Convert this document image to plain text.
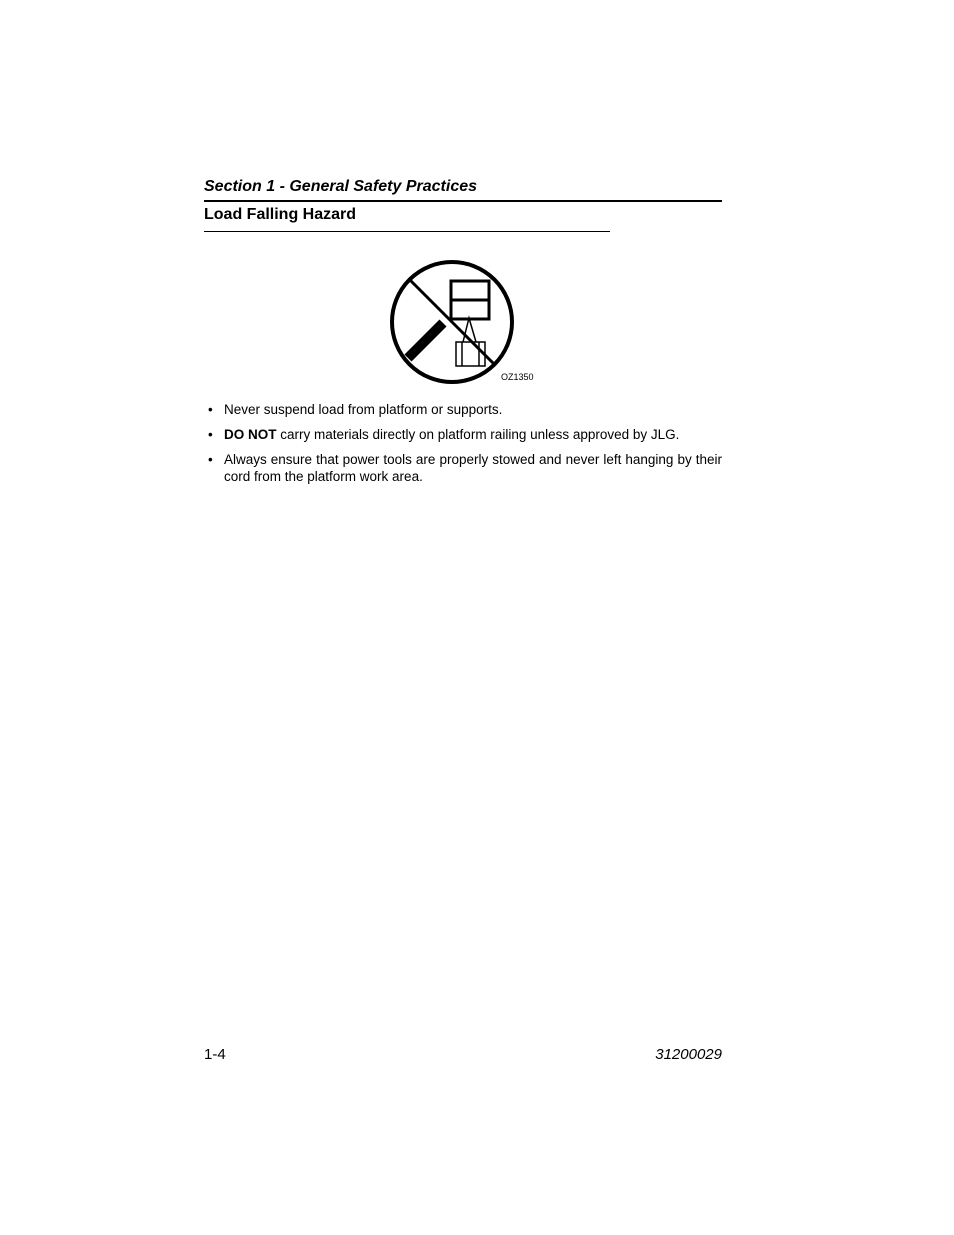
Section 1 - General Safety Practices
Load Falling Hazard
OZ1350
• Never suspend load from platform or supports.
• DO NOT carry materials directly on platform railing unless approved by JLG.
• Always ensure that power tools are properly stowed and never left hanging by their cord from the platform work area.
1-4	31200029
